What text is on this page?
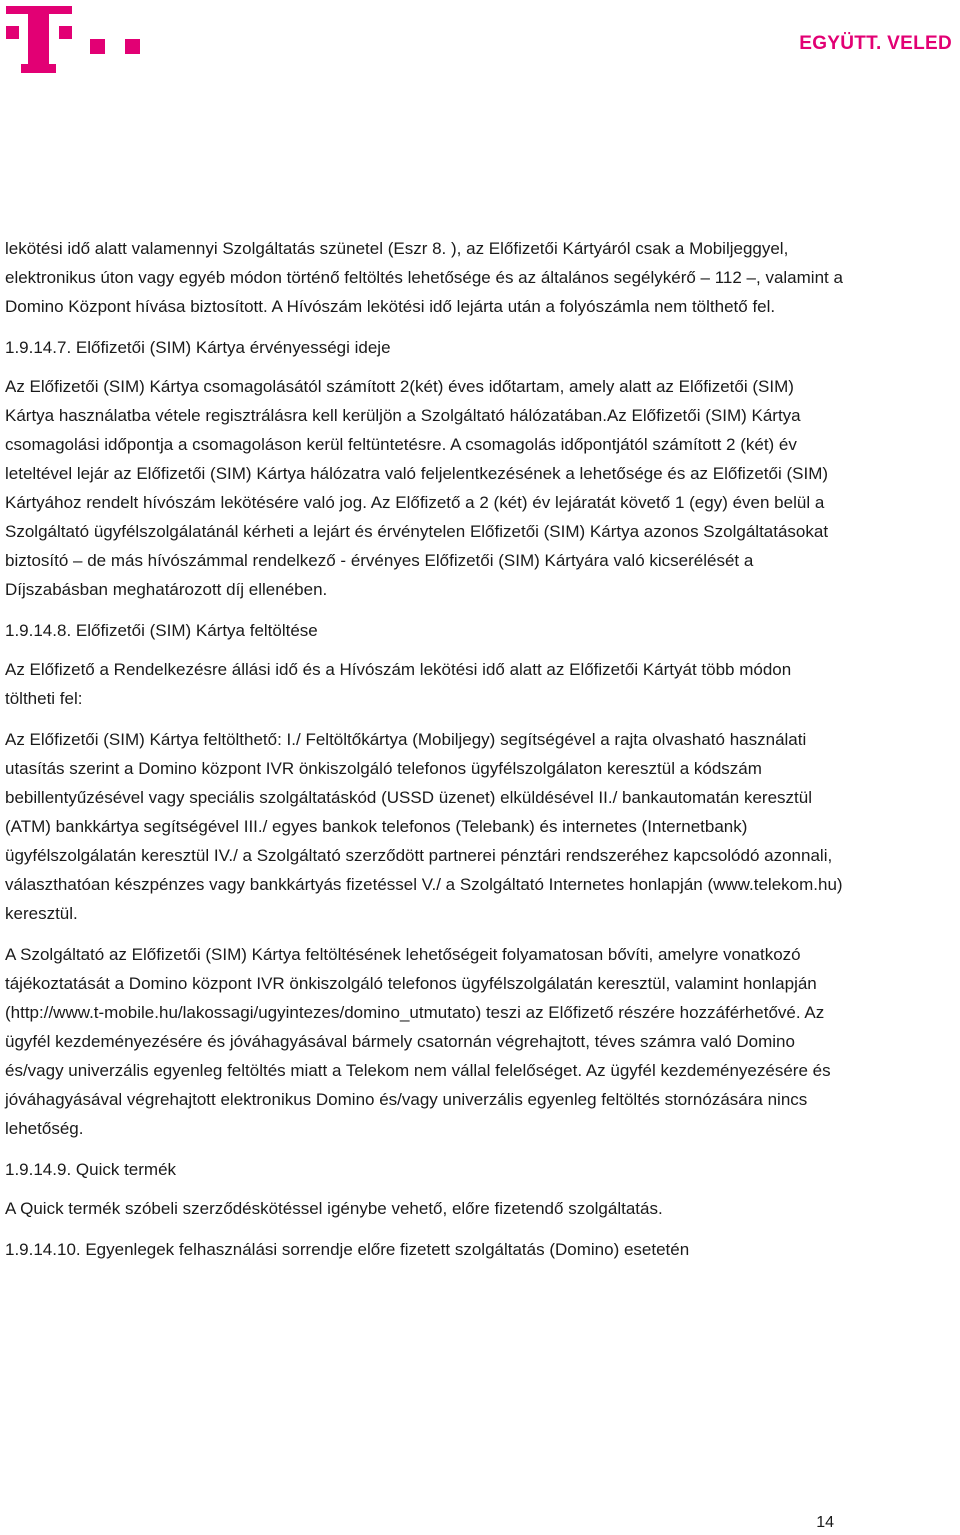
EGYÜTT. VELED

lekötési idő alatt valamennyi Szolgáltatás szünetel (Eszr 8. ), az Előfizetői Kártyáról csak a Mobiljeggyel, elektronikus úton vagy egyéb módon történő feltöltés lehetősége és az általános segélykérő – 112 –, valamint a Domino Központ hívása biztosított. A Hívószám lekötési idő lejárta után a folyószámla nem tölthető fel.

1.9.14.7. Előfizetői (SIM) Kártya érvényességi ideje

Az Előfizetői (SIM) Kártya csomagolásától számított 2(két) éves időtartam, amely alatt az Előfizetői (SIM) Kártya használatba vétele regisztrálásra kell kerüljön a Szolgáltató hálózatában.Az Előfizetői (SIM) Kártya csomagolási időpontja a csomagoláson kerül feltüntetésre. A csomagolás időpontjától számított 2 (két) év leteltével lejár az Előfizetői (SIM) Kártya hálózatra való feljelentkezésének a lehetősége és az Előfizetői (SIM) Kártyához rendelt hívószám lekötésére való jog. Az Előfizető a 2 (két) év lejáratát követő 1 (egy) éven belül a Szolgáltató ügyfélszolgálatánál kérheti a lejárt és érvénytelen Előfizetői (SIM) Kártya azonos Szolgáltatásokat biztosító – de más hívószámmal rendelkező - érvényes Előfizetői (SIM) Kártyára való kicserélését a Díjszabásban meghatározott díj ellenében.

1.9.14.8. Előfizetői (SIM) Kártya feltöltése

Az Előfizető a Rendelkezésre állási idő és a Hívószám lekötési idő alatt az Előfizetői Kártyát több módon töltheti fel:

Az Előfizetői (SIM) Kártya feltölthető: I./ Feltöltőkártya (Mobiljegy) segítségével a rajta olvasható használati utasítás szerint a Domino központ IVR önkiszolgáló telefonos ügyfélszolgálaton keresztül a kódszám bebillentyűzésével vagy speciális szolgáltatáskód (USSD üzenet) elküldésével II./ bankautomatán keresztül (ATM) bankkártya segítségével III./ egyes bankok telefonos (Telebank) és internetes (Internetbank) ügyfélszolgálatán keresztül IV./ a Szolgáltató szerződött partnerei pénztári rendszeréhez kapcsolódó azonnali, választhatóan készpénzes vagy bankkártyás fizetéssel V./ a Szolgáltató Internetes honlapján (www.telekom.hu) keresztül.

A Szolgáltató az Előfizetői (SIM) Kártya feltöltésének lehetőségeit folyamatosan bővíti, amelyre vonatkozó tájékoztatását a Domino központ IVR önkiszolgáló telefonos ügyfélszolgálatán keresztül, valamint honlapján (http://www.t-mobile.hu/lakossagi/ugyintezes/domino_utmutato) teszi az Előfizető részére hozzáférhetővé. Az ügyfél kezdeményezésére és jóváhagyásával bármely csatornán végrehajtott, téves számra való Domino és/vagy univerzális egyenleg feltöltés miatt a Telekom nem vállal felelőséget. Az ügyfél kezdeményezésére és jóváhagyásával végrehajtott elektronikus Domino és/vagy univerzális egyenleg feltöltés stornózására nincs lehetőség.

1.9.14.9. Quick termék

A Quick termék szóbeli szerződéskötéssel igénybe vehető, előre fizetendő szolgáltatás.

1.9.14.10. Egyenlegek felhasználási sorrendje előre fizetett szolgáltatás (Domino) esetetén

14
